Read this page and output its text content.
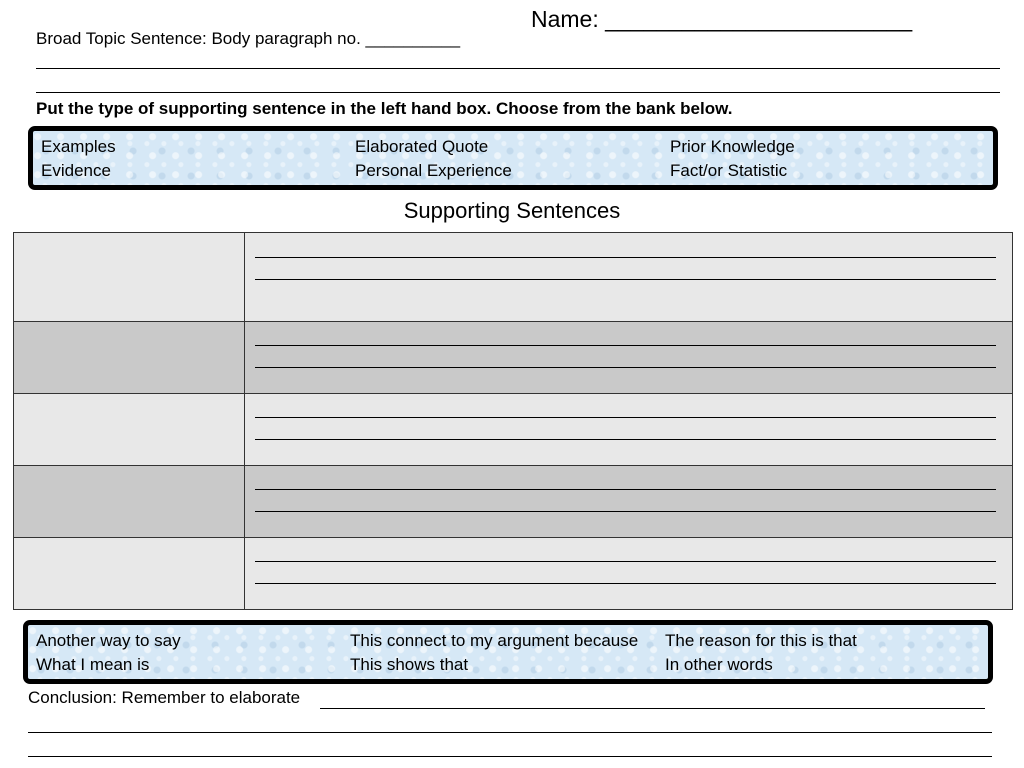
Name: ________________________
Broad Topic Sentence: Body paragraph no. __________
Put the type of supporting sentence in the left hand box. Choose from the bank below.
Examples
Evidence
Elaborated Quote
Personal Experience
Prior Knowledge
Fact/or Statistic
Supporting Sentences

Another way to say
What I mean is
This connect to my argument because
This shows that
The reason for this is that
In other words
Conclusion: Remember to elaborate
